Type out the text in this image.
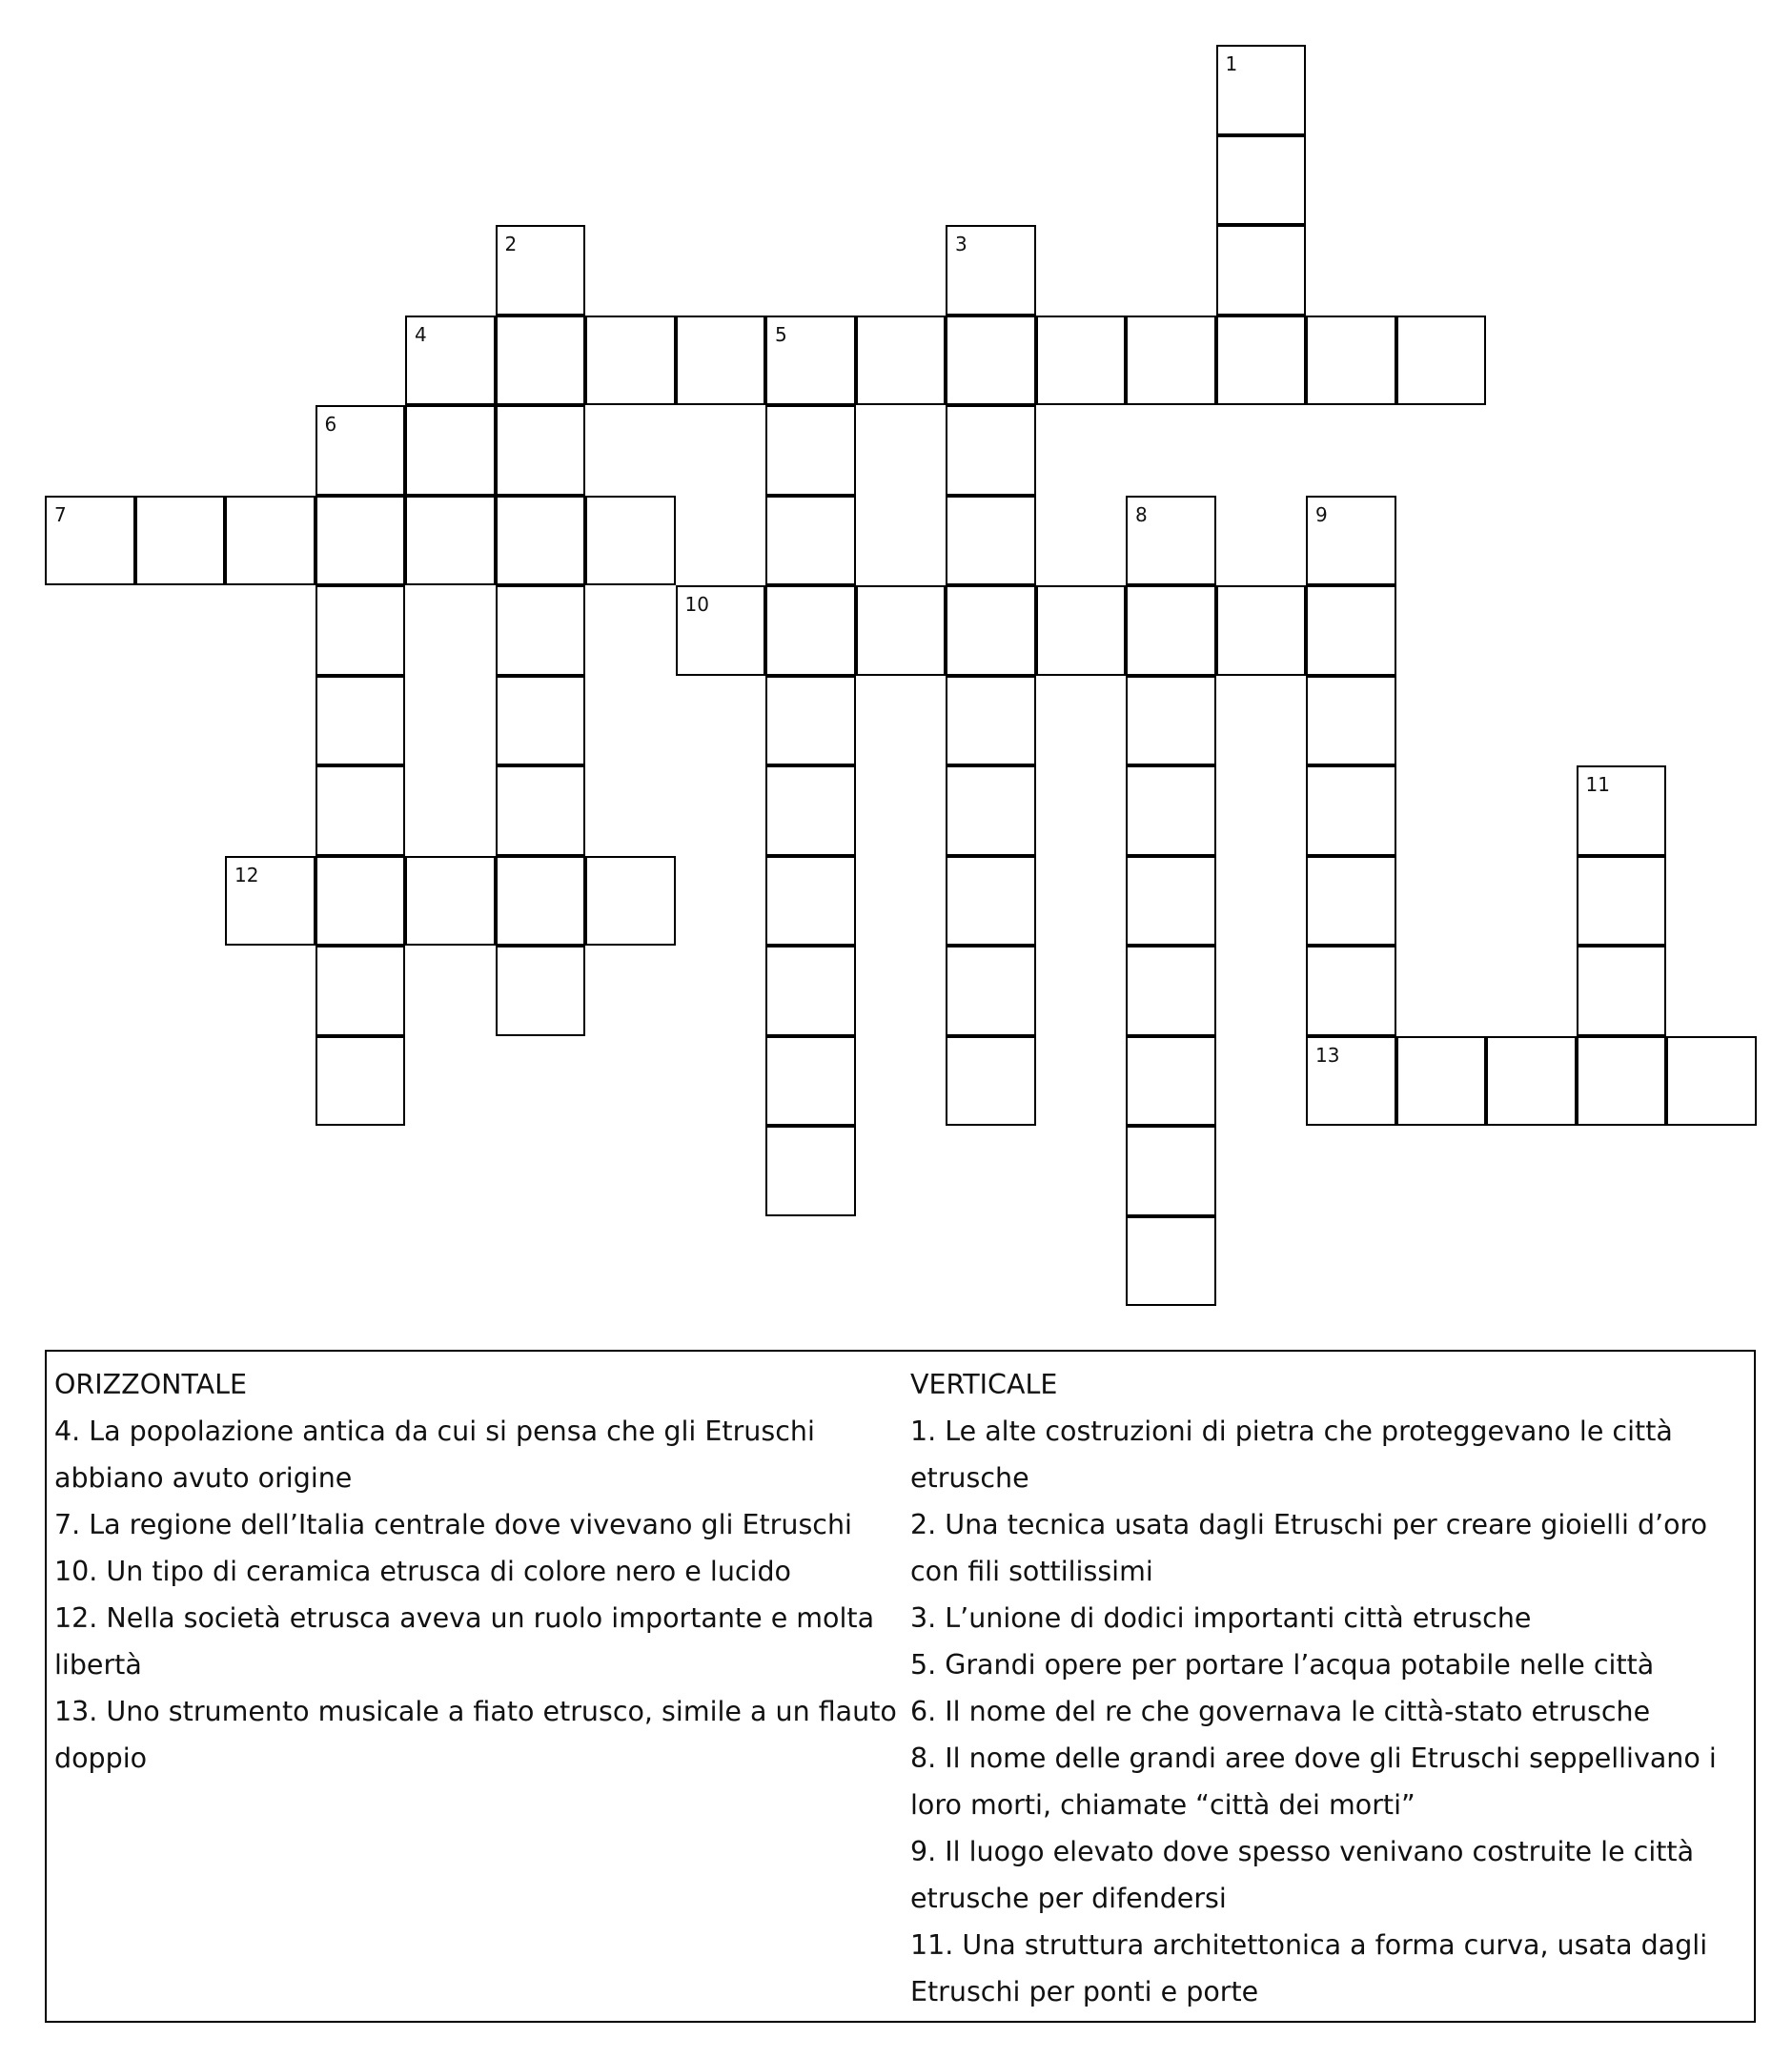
1
2	3
4	5
6
7	8	9
10
11
12
13
ORIZZONTALE
4. La popolazione antica da cui si pensa che gli Etruschi abbiano avuto origine
7. La regione dell’Italia centrale dove vivevano gli Etruschi
10. Un tipo di ceramica etrusca di colore nero e lucido
12. Nella società etrusca aveva un ruolo importante e molta libertà
13. Uno strumento musicale a fiato etrusco, simile a un flauto doppio
VERTICALE
1. Le alte costruzioni di pietra che proteggevano le città etrusche
2. Una tecnica usata dagli Etruschi per creare gioielli d’oro con fili sottilissimi
3. L’unione di dodici importanti città etrusche
5. Grandi opere per portare l’acqua potabile nelle città
6. Il nome del re che governava le città-stato etrusche
8. Il nome delle grandi aree dove gli Etruschi seppellivano i loro morti, chiamate “città dei morti”
9. Il luogo elevato dove spesso venivano costruite le città etrusche per difendersi
11. Una struttura architettonica a forma curva, usata dagli Etruschi per ponti e porte
